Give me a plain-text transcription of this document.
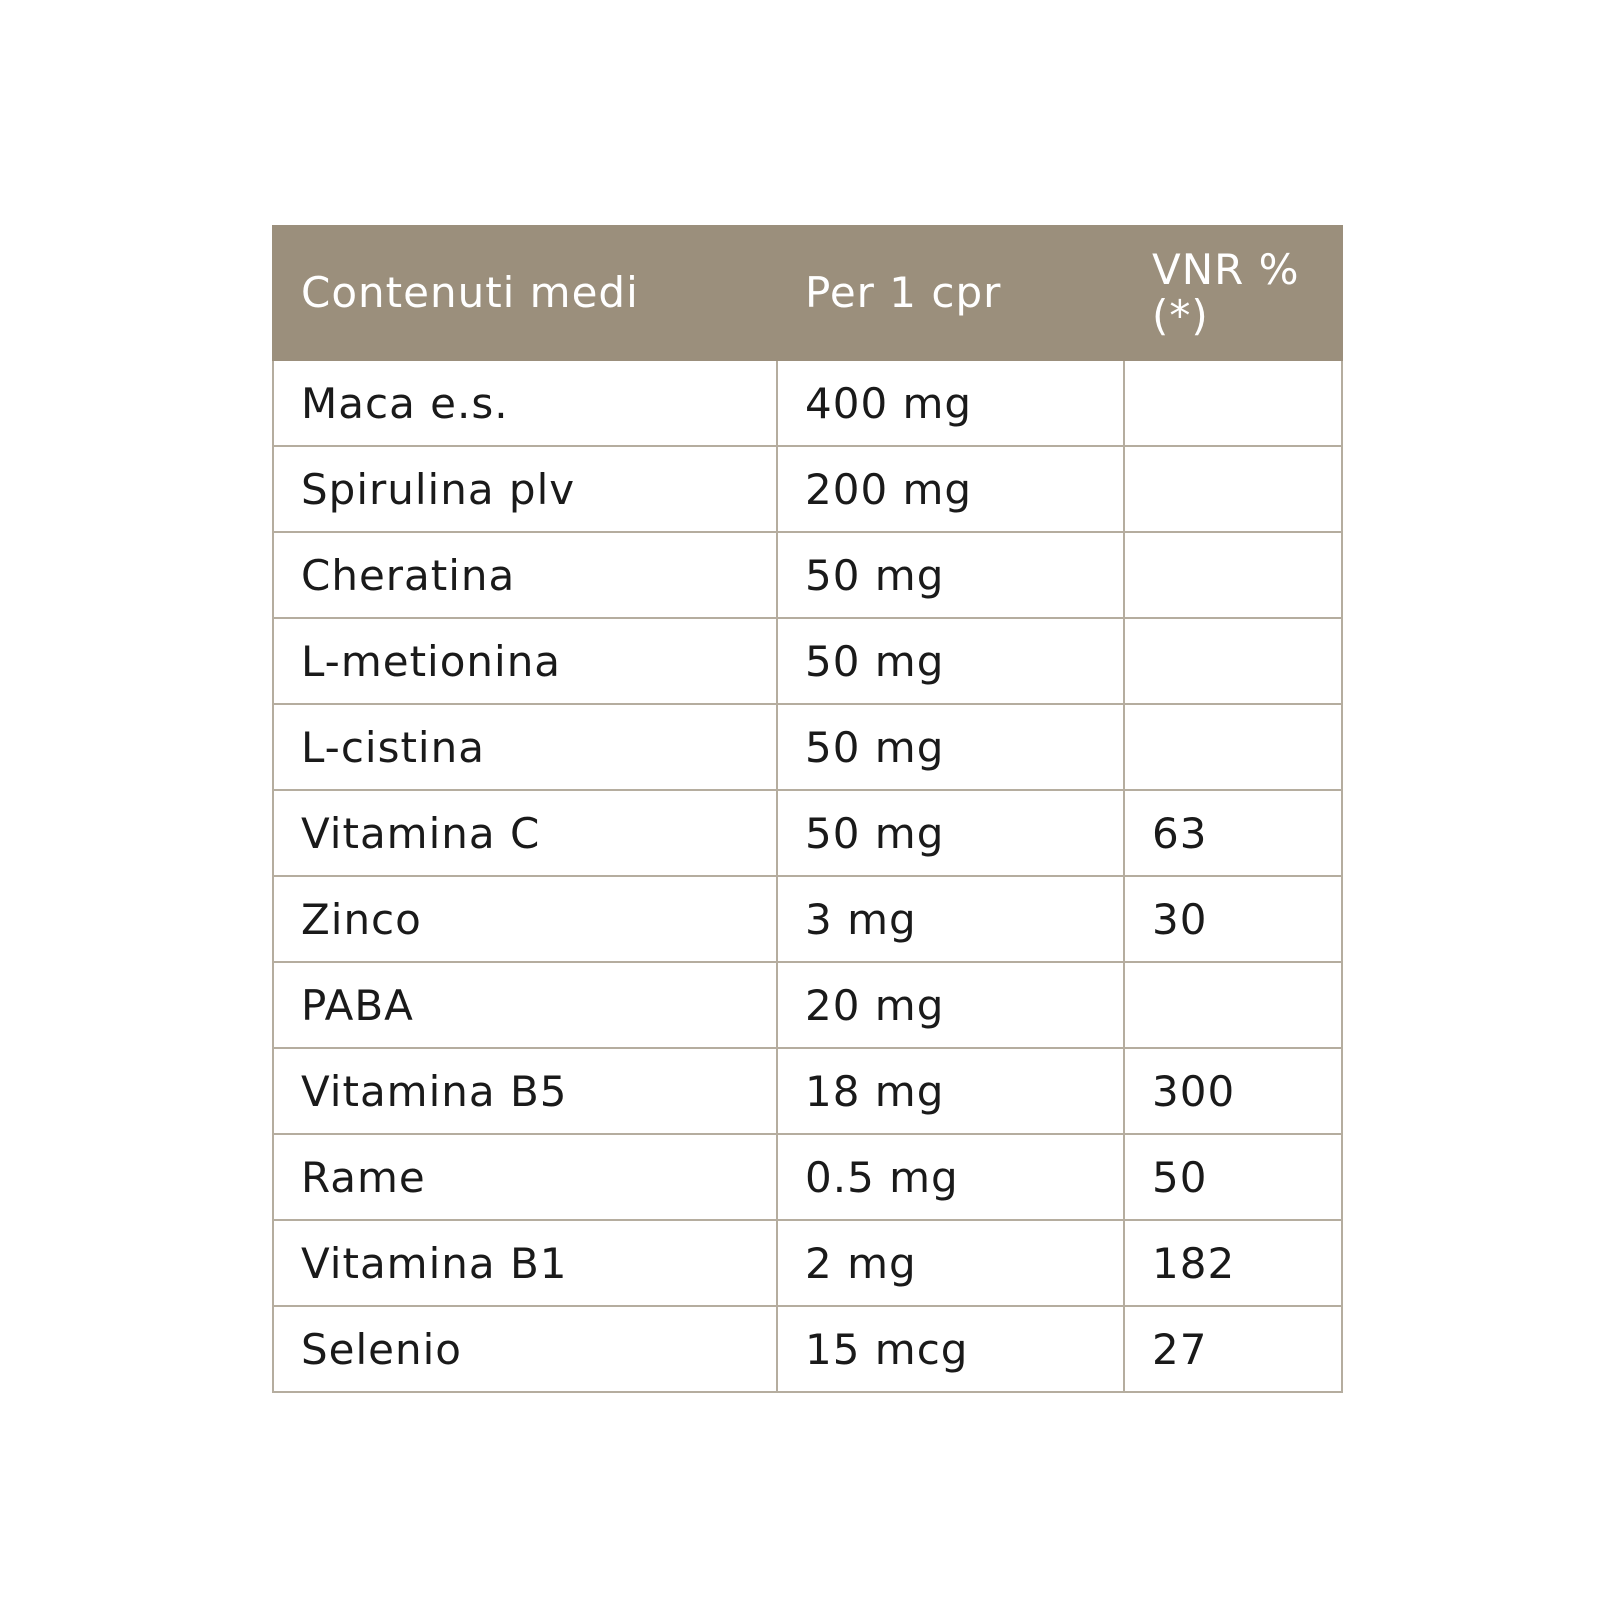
Contenuti medi	Per 1 cpr	VNR % (*)
Maca e.s.	400 mg	
Spirulina plv	200 mg	
Cheratina	50 mg	
L-metionina	50 mg	
L-cistina	50 mg	
Vitamina C	50 mg	63
Zinco	3 mg	30
PABA	20 mg	
Vitamina B5	18 mg	300
Rame	0.5 mg	50
Vitamina B1	2 mg	182
Selenio	15 mcg	27
